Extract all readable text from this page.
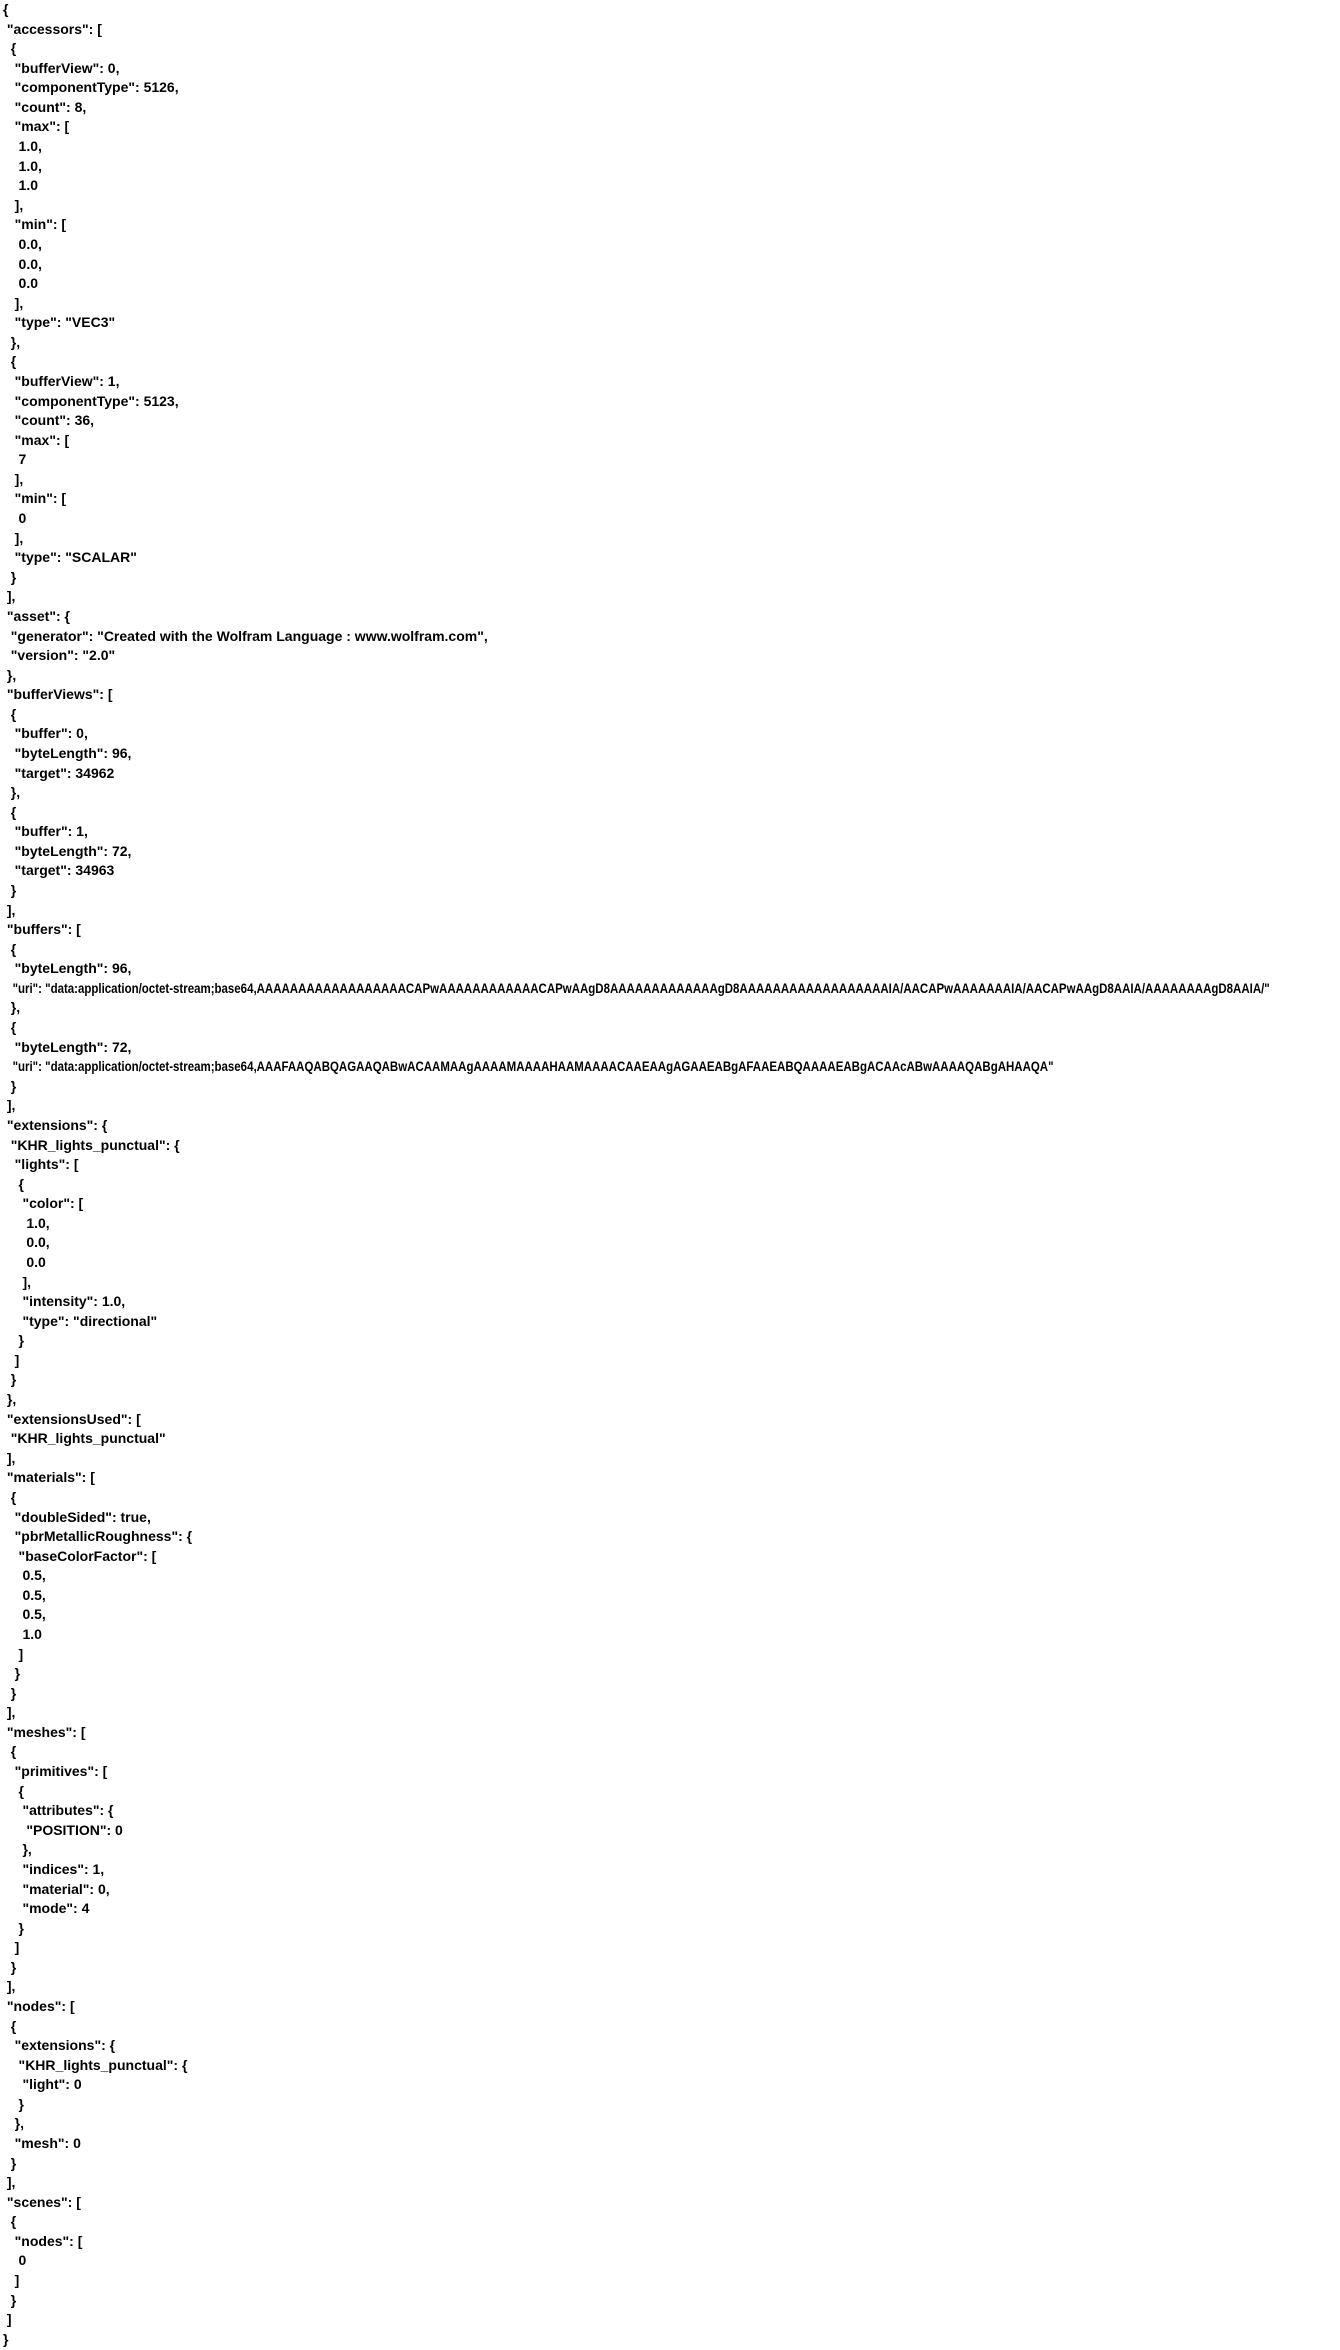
{
"accessors": [
{
"bufferView": 0,
"componentType": 5126,
"count": 8,
"max": [
1.0,
1.0,
1.0
],
"min": [
0.0,
0.0,
0.0
],
"type": "VEC3"
},
{
"bufferView": 1,
"componentType": 5123,
"count": 36,
"max": [
7
],
"min": [
0
],
"type": "SCALAR"
}
],
"asset": {
"generator": "Created with the Wolfram Language : www.wolfram.com",
"version": "2.0"
},
"bufferViews": [
{
"buffer": 0,
"byteLength": 96,
"target": 34962
},
{
"buffer": 1,
"byteLength": 72,
"target": 34963
}
],
"buffers": [
{
"byteLength": 96,
"uri": "data:application/octet-stream;base64,AAAAAAAAAAAAAAAAAACAPwAAAAAAAAAAAACAPwAAgD8AAAAAAAAAAAAAgD8AAAAAAAAAAAAAAAAAAIA/AACAPwAAAAAAAIA/AACAPwAAgD8AAIA/AAAAAAAAgD8AAIA/"
},
{
"byteLength": 72,
"uri": "data:application/octet-stream;base64,AAAFAAQABQAGAAQABwACAAMAAgAAAAMAAAAHAAMAAAACAAEAAgAGAAEABgAFAAEABQAAAAEABgACAAcABwAAAAQABgAHAAQA"
}
],
"extensions": {
"KHR_lights_punctual": {
"lights": [
{
"color": [
1.0,
0.0,
0.0
],
"intensity": 1.0,
"type": "directional"
}
]
}
},
"extensionsUsed": [
"KHR_lights_punctual"
],
"materials": [
{
"doubleSided": true,
"pbrMetallicRoughness": {
"baseColorFactor": [
0.5,
0.5,
0.5,
1.0
]
}
}
],
"meshes": [
{
"primitives": [
{
"attributes": {
"POSITION": 0
},
"indices": 1,
"material": 0,
"mode": 4
}
]
}
],
"nodes": [
{
"extensions": {
"KHR_lights_punctual": {
"light": 0
}
},
"mesh": 0
}
],
"scenes": [
{
"nodes": [
0
]
}
]
}
